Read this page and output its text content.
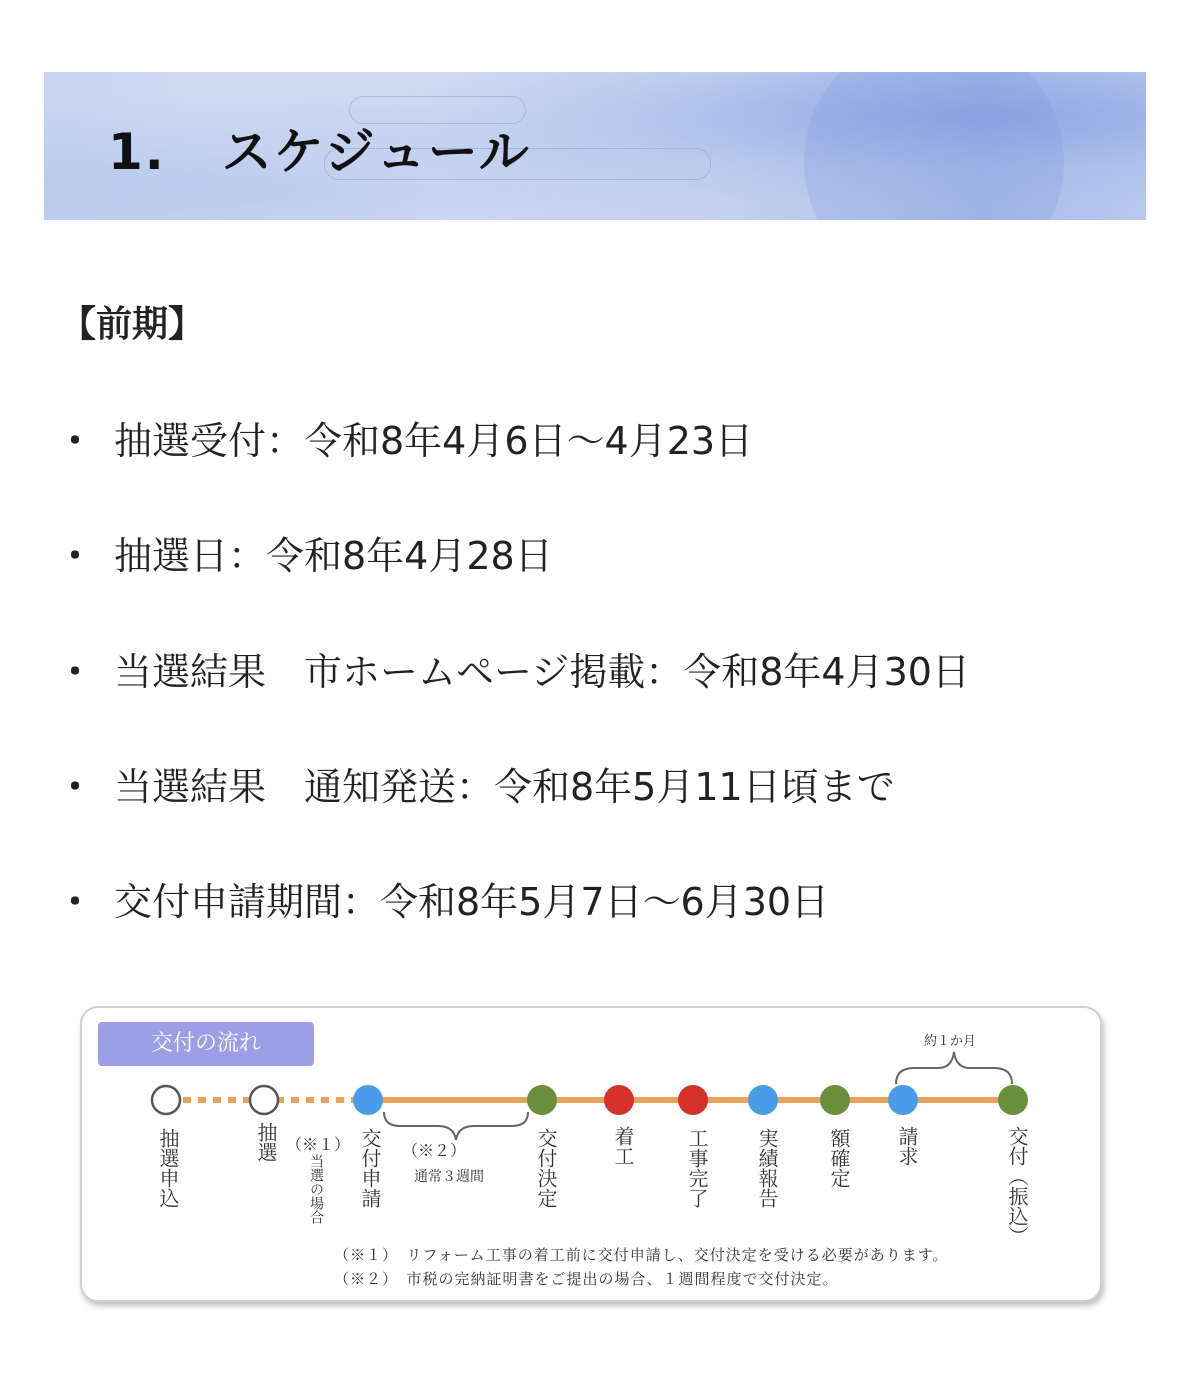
1. スケジュール
【前期】
・ 抽選受付：令和8年4月6日～4月23日
・ 抽選日：令和8年4月28日
・ 当選結果　市ホームページ掲載：令和8年4月30日
・ 当選結果　通知発送：令和8年5月11日頃まで
・ 交付申請期間：令和8年5月7日～6月30日
交付の流れ
抽選申込	抽選 （※１）
当選の場合 交付申請 （※２）
通常３週間	交付決定	着工	工事完了 実績報告 額確定 請求	交付（振込）
約１か月
（※１）　リフォーム工事の着工前に交付申請し、交付決定を受ける必要があります。
（※２）　市税の完納証明書をご提出の場合、１週間程度で交付決定。
